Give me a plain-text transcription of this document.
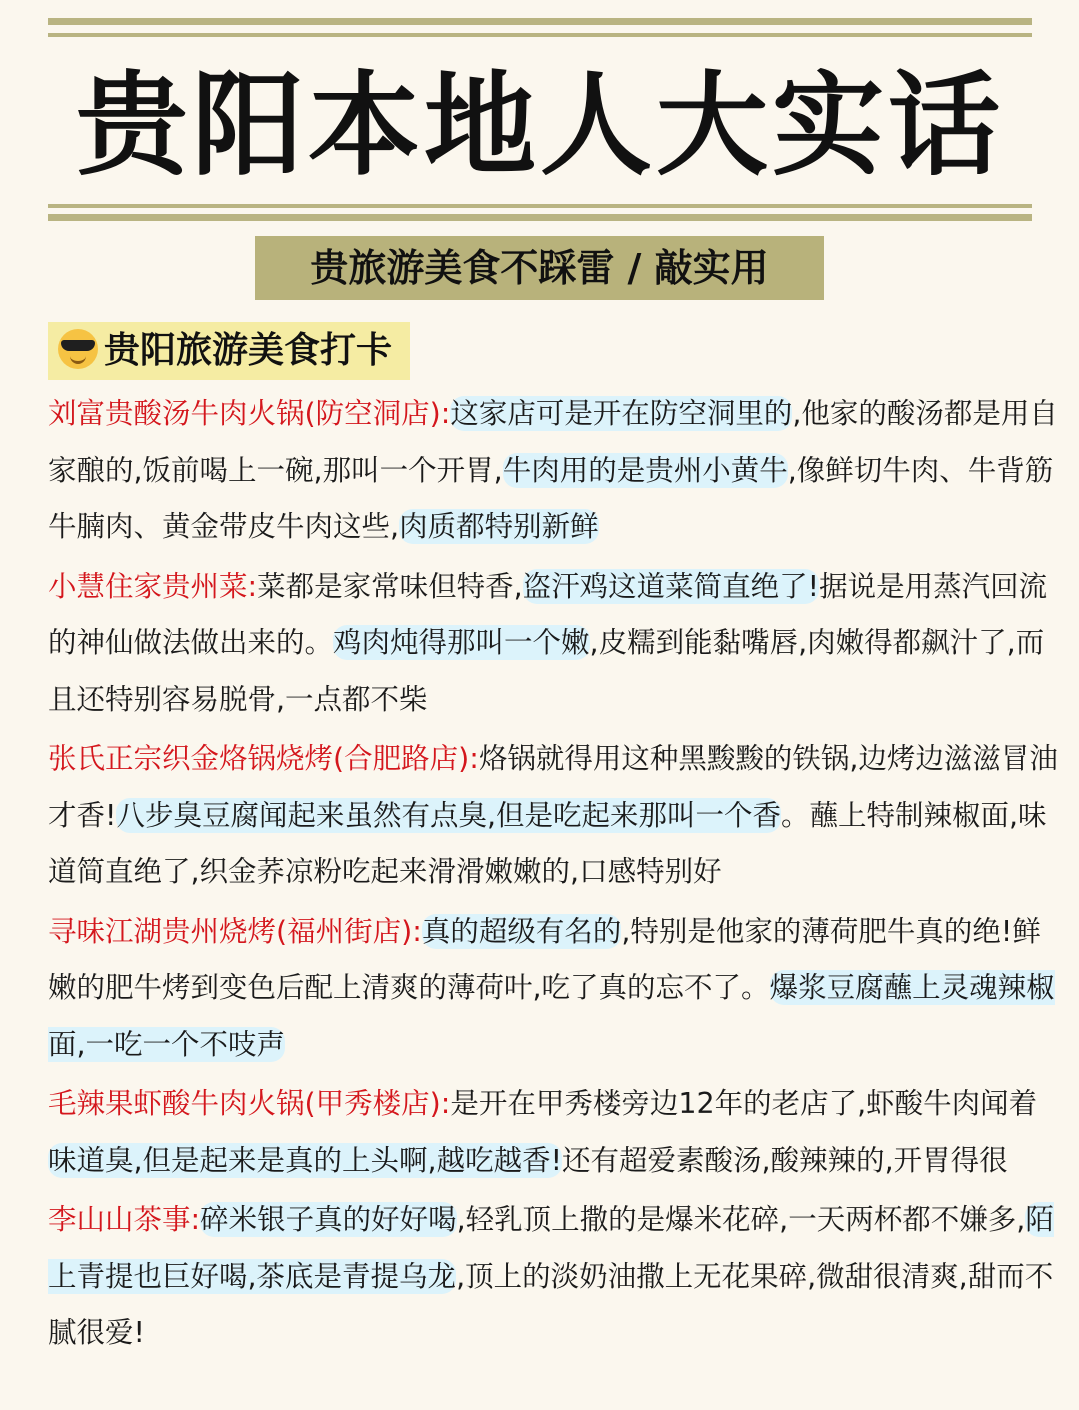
贵阳本地人大实话
贵旅游美食不踩雷 / 敲实用
贵阳旅游美食打卡

刘富贵酸汤牛肉火锅(防空洞店):这家店可是开在防空洞里的,他家的酸汤都是用自家酿的,饭前喝上一碗,那叫一个开胃,牛肉用的是贵州小黄牛,像鲜切牛肉、牛背筋牛腩肉、黄金带皮牛肉这些,肉质都特别新鲜

小慧住家贵州菜:菜都是家常味但特香,盗汗鸡这道菜简直绝了!据说是用蒸汽回流的神仙做法做出来的。鸡肉炖得那叫一个嫩,皮糯到能黏嘴唇,肉嫩得都飙汁了,而且还特别容易脱骨,一点都不柴

张氏正宗织金烙锅烧烤(合肥路店):烙锅就得用这种黑黢黢的铁锅,边烤边滋滋冒油才香!八步臭豆腐闻起来虽然有点臭,但是吃起来那叫一个香。蘸上特制辣椒面,味道简直绝了,织金荞凉粉吃起来滑滑嫩嫩的,口感特别好

寻味江湖贵州烧烤(福州街店):真的超级有名的,特别是他家的薄荷肥牛真的绝!鲜嫩的肥牛烤到变色后配上清爽的薄荷叶,吃了真的忘不了。爆浆豆腐蘸上灵魂辣椒面,一吃一个不吱声

毛辣果虾酸牛肉火锅(甲秀楼店):是开在甲秀楼旁边12年的老店了,虾酸牛肉闻着味道臭,但是起来是真的上头啊,越吃越香!还有超爱素酸汤,酸辣辣的,开胃得很

李山山茶事:碎米银子真的好好喝,轻乳顶上撒的是爆米花碎,一天两杯都不嫌多,陌上青提也巨好喝,茶底是青提乌龙,顶上的淡奶油撒上无花果碎,微甜很清爽,甜而不腻很爱!
